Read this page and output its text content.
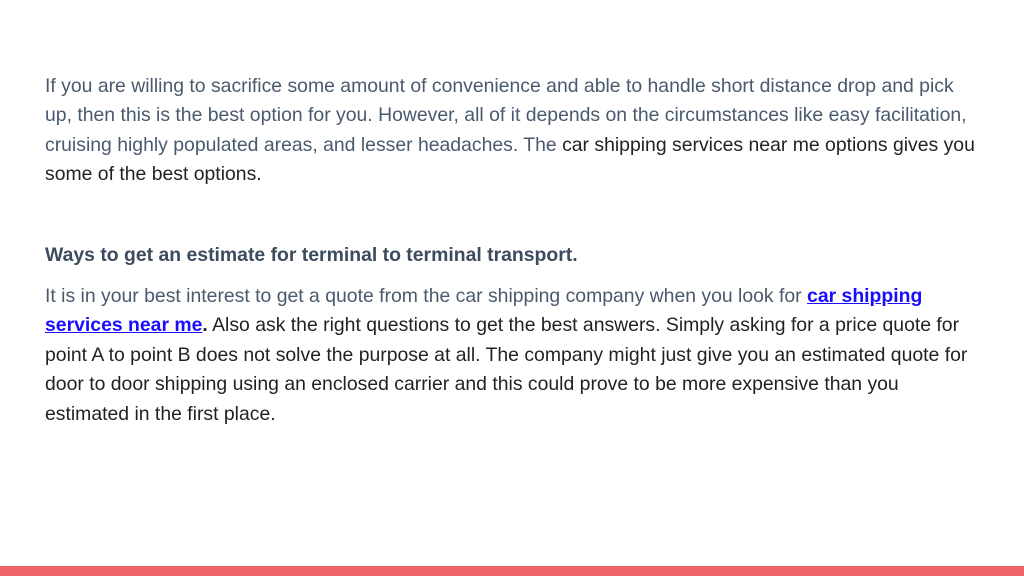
If you are willing to sacrifice some amount of convenience and able to handle short distance drop and pick up, then this is the best option for you. However, all of it depends on the circumstances like easy facilitation, cruising highly populated areas, and lesser headaches. The car shipping services near me options gives you some of the best options.

Ways to get an estimate for terminal to terminal transport.

It is in your best interest to get a quote from the car shipping company when you look for car shipping services near me. Also ask the right questions to get the best answers. Simply asking for a price quote for point A to point B does not solve the purpose at all. The company might just give you an estimated quote for door to door shipping using an enclosed carrier and this could prove to be more expensive than you estimated in the first place.
